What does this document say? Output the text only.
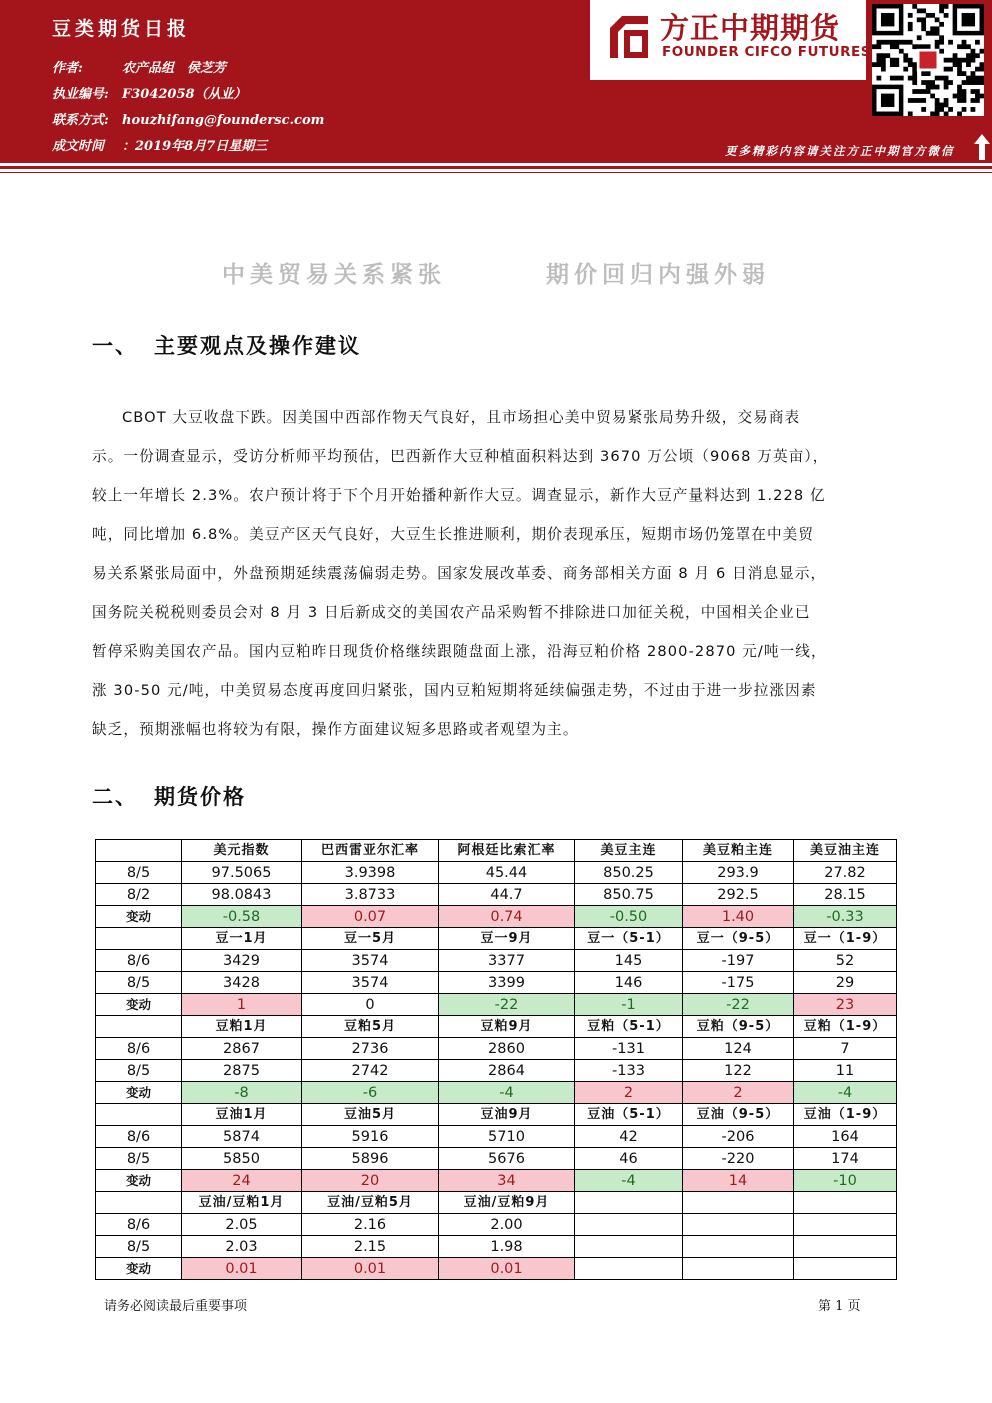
豆类期货日报
作者:	农产品组　侯芝芳
执业编号: F3042058（从业）
联系方式: houzhifang@foundersc.com
成文时间 ：2019年8月7日星期三
方正中期期货
FOUNDER CIFCO FUTURES
更多精彩内容请关注方正中期官方微信
中美贸易关系紧张	期价回归内强外弱
一、 主要观点及操作建议
CBOT 大豆收盘下跌。因美国中西部作物天气良好，且市场担心美中贸易紧张局势升级，交易商表
示。一份调查显示，受访分析师平均预估，巴西新作大豆种植面积料达到 3670 万公顷（9068 万英亩），
较上一年增长 2.3%。农户预计将于下个月开始播种新作大豆。调查显示，新作大豆产量料达到 1.228 亿
吨，同比增加 6.8%。美豆产区天气良好，大豆生长推进顺利，期价表现承压，短期市场仍笼罩在中美贸
易关系紧张局面中，外盘预期延续震荡偏弱走势。国家发展改革委、商务部相关方面 8 月 6 日消息显示，
国务院关税税则委员会对 8 月 3 日后新成交的美国农产品采购暂不排除进口加征关税，中国相关企业已
暂停采购美国农产品。国内豆粕昨日现货价格继续跟随盘面上涨，沿海豆粕价格 2800-2870 元/吨一线，
涨 30-50 元/吨，中美贸易态度再度回归紧张，国内豆粕短期将延续偏强走势，不过由于进一步拉涨因素
缺乏，预期涨幅也将较为有限，操作方面建议短多思路或者观望为主。
二、 期货价格
	美元指数	巴西雷亚尔汇率	阿根廷比索汇率	美豆主连	美豆粕主连	美豆油主连
8/5	97.5065	3.9398	45.44	850.25	293.9	27.82
8/2	98.0843	3.8733	44.7	850.75	292.5	28.15
变动	-0.58	0.07	0.74	-0.50	1.40	-0.33
	豆一1月	豆一5月	豆一9月	豆一（5-1）	豆一（9-5）	豆一（1-9）
8/6	3429	3574	3377	145	-197	52
8/5	3428	3574	3399	146	-175	29
变动	1	0	-22	-1	-22	23
	豆粕1月	豆粕5月	豆粕9月	豆粕（5-1）	豆粕（9-5）	豆粕（1-9）
8/6	2867	2736	2860	-131	124	7
8/5	2875	2742	2864	-133	122	11
变动	-8	-6	-4	2	2	-4
	豆油1月	豆油5月	豆油9月	豆油（5-1）	豆油（9-5）	豆油（1-9）
8/6	5874	5916	5710	42	-206	164
8/5	5850	5896	5676	46	-220	174
变动	24	20	34	-4	14	-10
	豆油/豆粕1月	豆油/豆粕5月	豆油/豆粕9月			
8/6	2.05	2.16	2.00			
8/5	2.03	2.15	1.98			
变动	0.01	0.01	0.01			
请务必阅读最后重要事项	第 1 页
